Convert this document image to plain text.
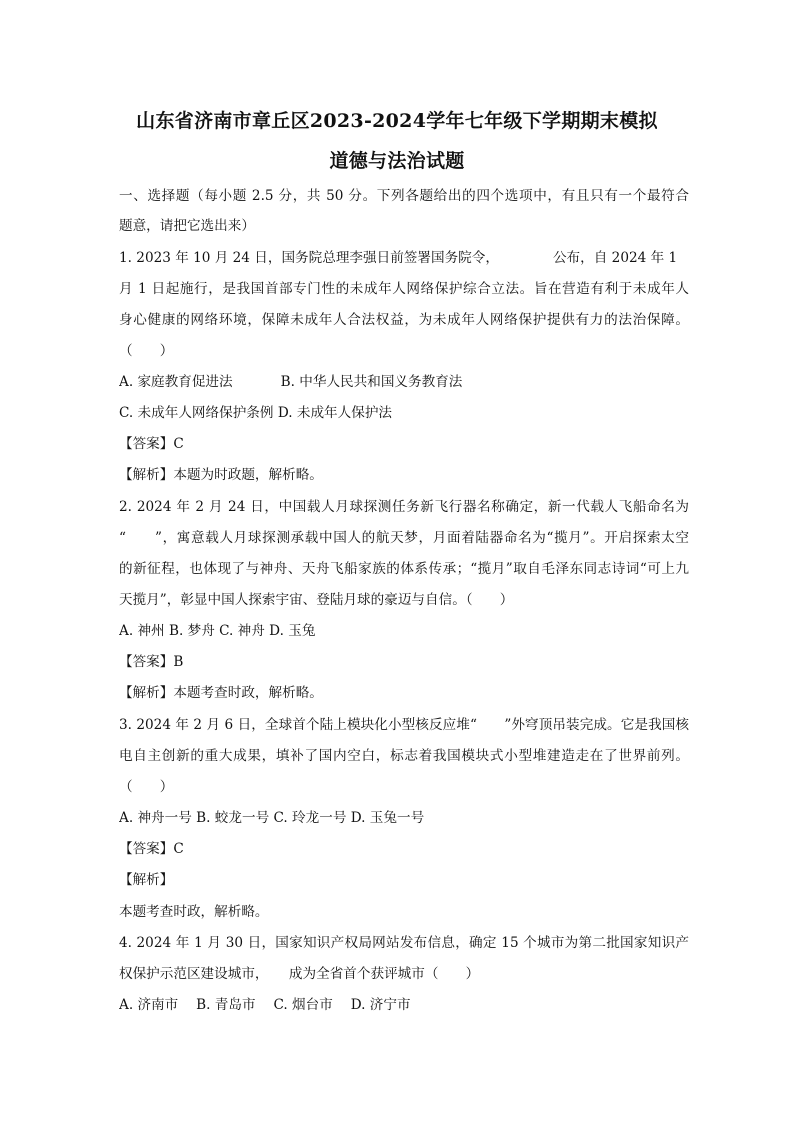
山东省济南市章丘区2023-2024学年七年级下学期期末模拟
道德与法治试题
一、选择题（每小题 2.5 分，共 50 分。下列各题给出的四个选项中，有且只有一个最符合
题意，请把它选出来）
1. 2023 年 10 月 24 日，国务院总理李强日前签署国务院令，	公布，自 2024 年 1
月 1 日起施行，是我国首部专门性的未成年人网络保护综合立法。旨在营造有利于未成年人
身心健康的网络环境，保障未成年人合法权益，为未成年人网络保护提供有力的法治保障。
（　　）
A. 家庭教育促进法	B. 中华人民共和国义务教育法
C. 未成年人网络保护条例 D. 未成年人保护法
【答案】C
【解析】本题为时政题，解析略。
2. 2024 年 2 月 24 日，中国载人月球探测任务新飞行器名称确定，新一代载人飞船命名为
“　　”，寓意载人月球探测承载中国人的航天梦，月面着陆器命名为“揽月”。开启探索太空
的新征程，也体现了与神舟、天舟飞船家族的体系传承；“揽月”取自毛泽东同志诗词“可上九
天揽月”，彰显中国人探索宇宙、登陆月球的豪迈与自信。（　　）
A. 神州 B. 梦舟 C. 神舟 D. 玉兔
【答案】B
【解析】本题考查时政，解析略。
3. 2024 年 2 月 6 日，全球首个陆上模块化小型核反应堆“　　”外穹顶吊装完成。它是我国核
电自主创新的重大成果，填补了国内空白，标志着我国模块式小型堆建造走在了世界前列。
（　　）
A. 神舟一号 B. 蛟龙一号 C. 玲龙一号 D. 玉兔一号
【答案】C
【解析】
本题考查时政，解析略。
4. 2024 年 1 月 30 日，国家知识产权局网站发布信息，确定 15 个城市为第二批国家知识产
权保护示范区建设城市，　　成为全省首个获评城市（　　）
A. 济南市　 B. 青岛市　 C. 烟台市　 D. 济宁市
